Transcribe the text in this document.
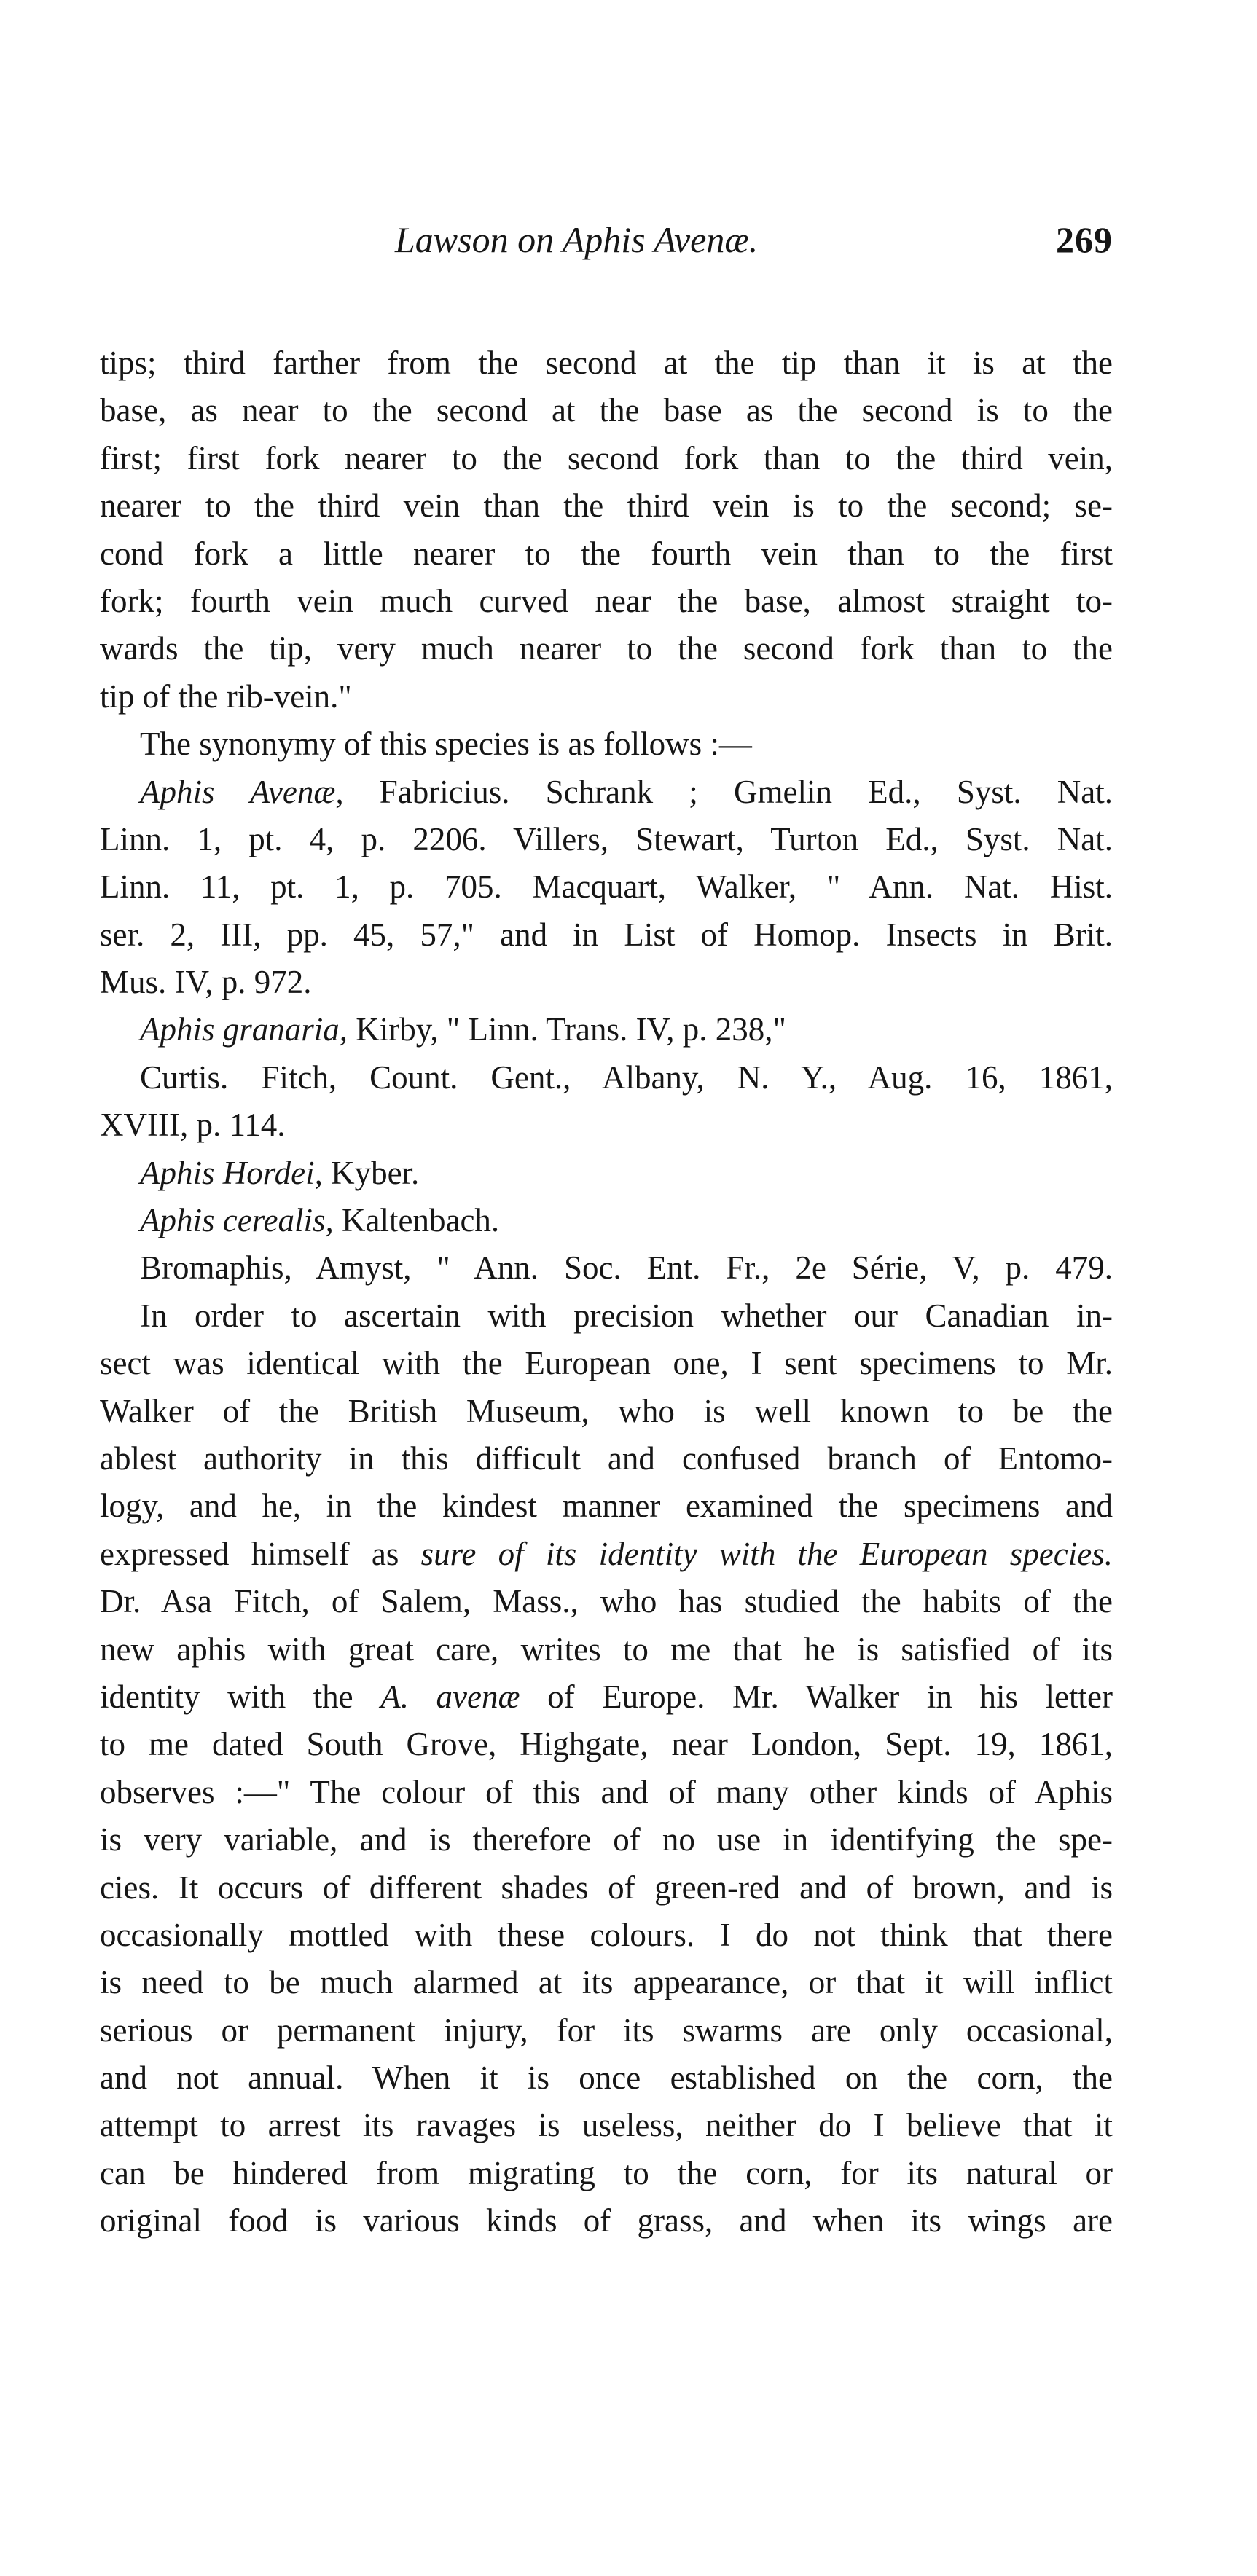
Lawson on Aphis Avenæ.	269
tips; third farther from the second at the tip than it is at the
base, as near to the second at the base as the second is to the
first; first fork nearer to the second fork than to the third vein,
nearer to the third vein than the third vein is to the second; se-
cond fork a little nearer to the fourth vein than to the first
fork; fourth vein much curved near the base, almost straight to-
wards the tip, very much nearer to the second fork than to the
tip of the rib-vein."
The synonymy of this species is as follows :—
Aphis Avenæ, Fabricius. Schrank ; Gmelin Ed., Syst. Nat.
Linn. 1, pt. 4, p. 2206. Villers, Stewart, Turton Ed., Syst. Nat.
Linn. 11, pt. 1, p. 705. Macquart, Walker, " Ann. Nat. Hist.
ser. 2, III, pp. 45, 57," and in List of Homop. Insects in Brit.
Mus. IV, p. 972.
Aphis granaria, Kirby, " Linn. Trans. IV, p. 238,"
Curtis. Fitch, Count. Gent., Albany, N. Y., Aug. 16, 1861,
XVIII, p. 114.
Aphis Hordei, Kyber.
Aphis cerealis, Kaltenbach.
Bromaphis, Amyst, " Ann. Soc. Ent. Fr., 2e Série, V, p. 479.
In order to ascertain with precision whether our Canadian in-
sect was identical with the European one, I sent specimens to Mr.
Walker of the British Museum, who is well known to be the
ablest authority in this difficult and confused branch of Entomo-
logy, and he, in the kindest manner examined the specimens and
expressed himself as sure of its identity with the European species.
Dr. Asa Fitch, of Salem, Mass., who has studied the habits of the
new aphis with great care, writes to me that he is satisfied of its
identity with the A. avenæ of Europe. Mr. Walker in his letter
to me dated South Grove, Highgate, near London, Sept. 19, 1861,
observes :—" The colour of this and of many other kinds of Aphis
is very variable, and is therefore of no use in identifying the spe-
cies. It occurs of different shades of green-red and of brown, and is
occasionally mottled with these colours. I do not think that there
is need to be much alarmed at its appearance, or that it will inflict
serious or permanent injury, for its swarms are only occasional,
and not annual. When it is once established on the corn, the
attempt to arrest its ravages is useless, neither do I believe that it
can be hindered from migrating to the corn, for its natural or
original food is various kinds of grass, and when its wings are
